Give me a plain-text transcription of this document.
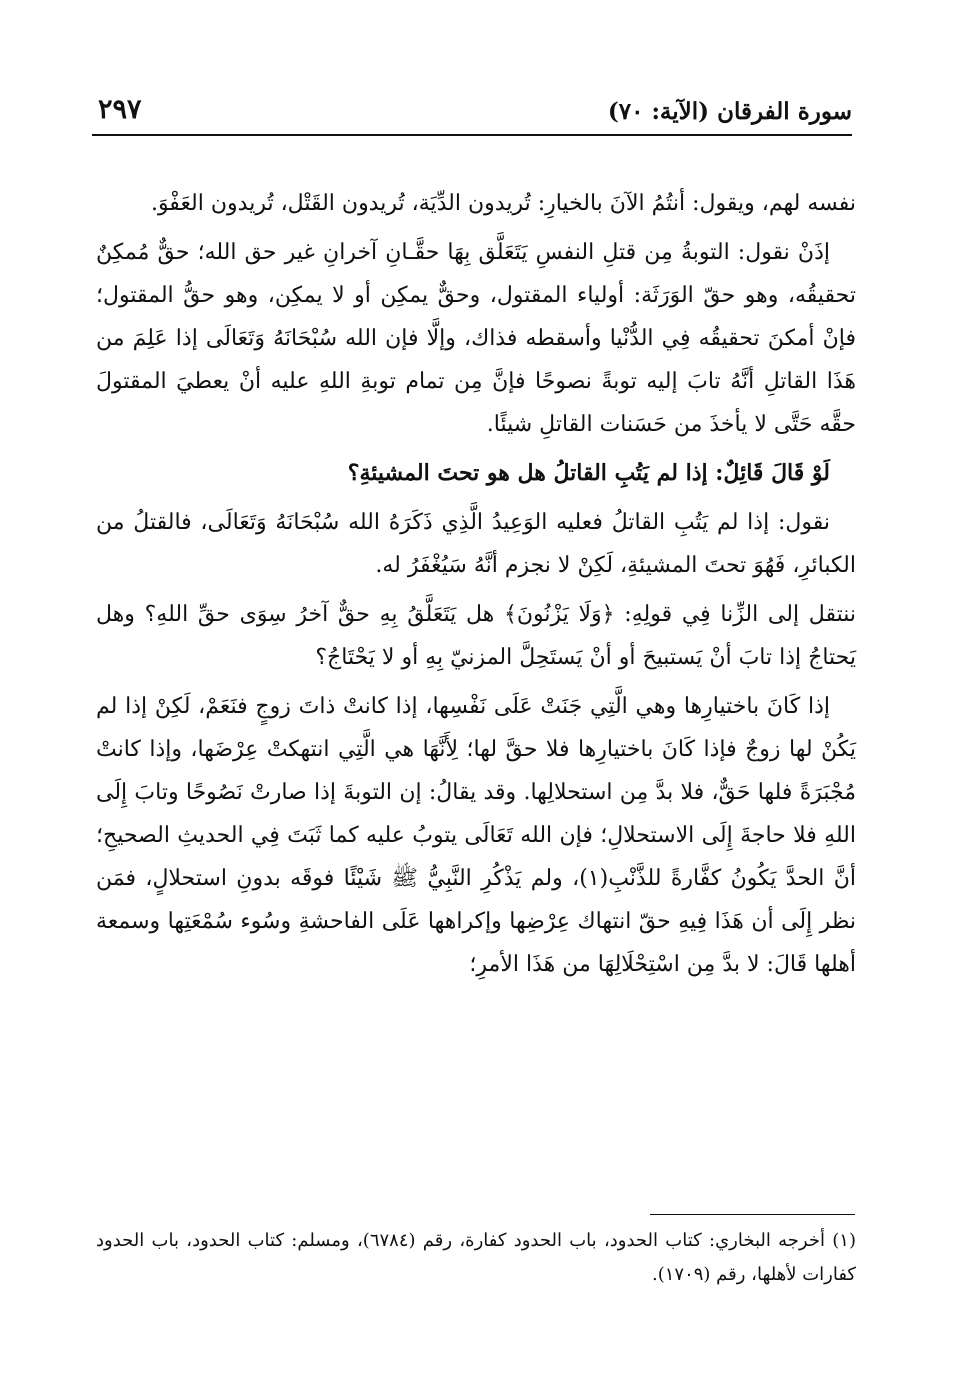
سورة الفرقان (الآية: ٧٠)
٢٩٧

نفسه لهم، ويقول: أنتُمُ الآنَ بالخيارِ: تُريدون الدِّيَة، تُريدون القَتْل، تُريدون العَفْوَ.

إذَنْ نقول: التوبةُ مِن قتلِ النفسِ يَتَعَلَّق بِهَا حقَّـانِ آخرانِ غير حق الله؛ حقٌّ مُمكِنٌ تحقيقُه، وهو حقّ الوَرَثَة: أولياء المقتول، وحقٌّ يمكِن أو لا يمكِن، وهو حقُّ المقتول؛ فإنْ أمكنَ تحقيقُه فِي الدُّنْيا وأسقطه فذاك، وإلَّا فإن الله سُبْحَانَهُ وَتَعَالَى إذا عَلِمَ من هَذَا القاتلِ أنَّهُ تابَ إليه توبةً نصوحًا فإنَّ مِن تمام توبةِ اللهِ عليه أنْ يعطيَ المقتولَ حقَّه حَتَّى لا يأخذَ من حَسَنات القاتلِ شيئًا.

لَوْ قَالَ قَائِلٌ: إذا لم يَتُبِ القاتلُ هل هو تحتَ المشيئةِ؟

نقول: إذا لم يَتُبِ القاتلُ فعليه الوَعِيدُ الَّذِي ذَكَرَهُ الله سُبْحَانَهُ وَتَعَالَى، فالقتلُ من الكبائرِ، فَهُوَ تحتَ المشيئةِ، لَكِنْ لا نجزم أنَّهُ سَيُغْفَرُ له.

ننتقل إلى الزِّنا فِي قولِهِ: ﴿وَلَا يَزْنُونَ﴾ هل يَتَعَلَّقُ بِهِ حقٌّ آخرُ سِوَى حقِّ اللهِ؟ وهل يَحتاجُ إذا تابَ أنْ يَستبيحَ أو أنْ يَستَحِلَّ المزنيّ بِهِ أو لا يَحْتَاجُ؟

إذا كَانَ باختيارِها وهي الَّتِي جَنَتْ عَلَى نَفْسِها، إذا كانتْ ذاتَ زوجٍ فنَعَمْ، لَكِنْ إذا لم يَكُنْ لها زوجٌ فإذا كَانَ باختيارِها فلا حقَّ لها؛ لِأَنَّهَا هي الَّتِي انتهكتْ عِرْضَها، وإذا كانتْ مُجْبَرَةً فلها حَقٌّ، فلا بدَّ مِن استحلالِها. وقد يقالُ: إن التوبةَ إذا صارتْ نَصُوحًا وتابَ إِلَى اللهِ فلا حاجةَ إِلَى الاستحلالِ؛ فإن الله تَعَالَى يتوبُ عليه كما ثَبَتَ فِي الحديثِ الصحيحِ؛ أنَّ الحدَّ يَكُونُ كفَّارةً للذَّنْبِ(١)، ولم يَذْكُرِ النَّبِيُّ ﷺ شَيْئًا فوقَه بدونِ استحلالٍ، فمَن نظر إِلَى أن هَذَا فِيهِ حقّ انتهاك عِرْضِها وإكراهها عَلَى الفاحشةِ وسُوء سُمْعَتِها وسمعة أهلها قَالَ: لا بدَّ مِن اسْتِحْلَالِهَا من هَذَا الأمرِ؛

(١) أخرجه البخاري: كتاب الحدود، باب الحدود كفارة، رقم (٦٧٨٤)، ومسلم: كتاب الحدود، باب الحدود كفارات لأهلها، رقم (١٧٠٩).
